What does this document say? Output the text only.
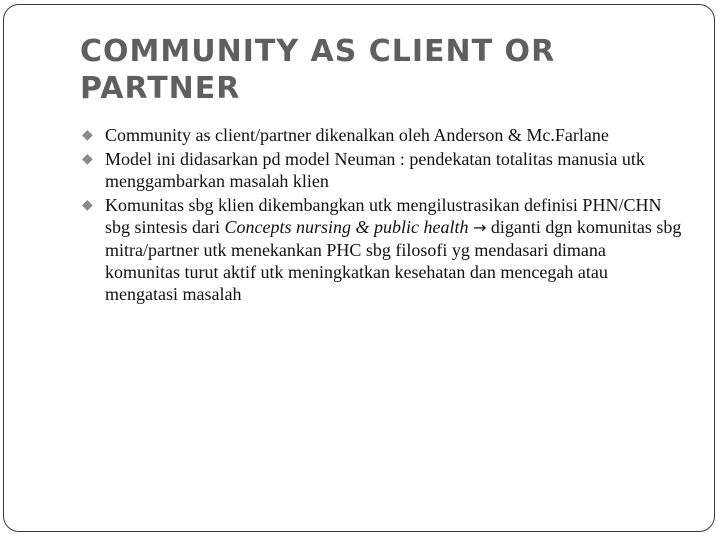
COMMUNITY AS CLIENT OR PARTNER
◆ Community as client/partner dikenalkan oleh Anderson & Mc.Farlane
◆ Model ini didasarkan pd model Neuman : pendekatan totalitas manusia utk menggambarkan masalah klien
◆ Komunitas sbg klien dikembangkan utk mengilustrasikan definisi PHN/CHN sbg sintesis dari Concepts nursing & public health → diganti dgn komunitas sbg mitra/partner utk menekankan PHC sbg filosofi yg mendasari dimana komunitas turut aktif utk meningkatkan kesehatan dan mencegah atau mengatasi masalah
